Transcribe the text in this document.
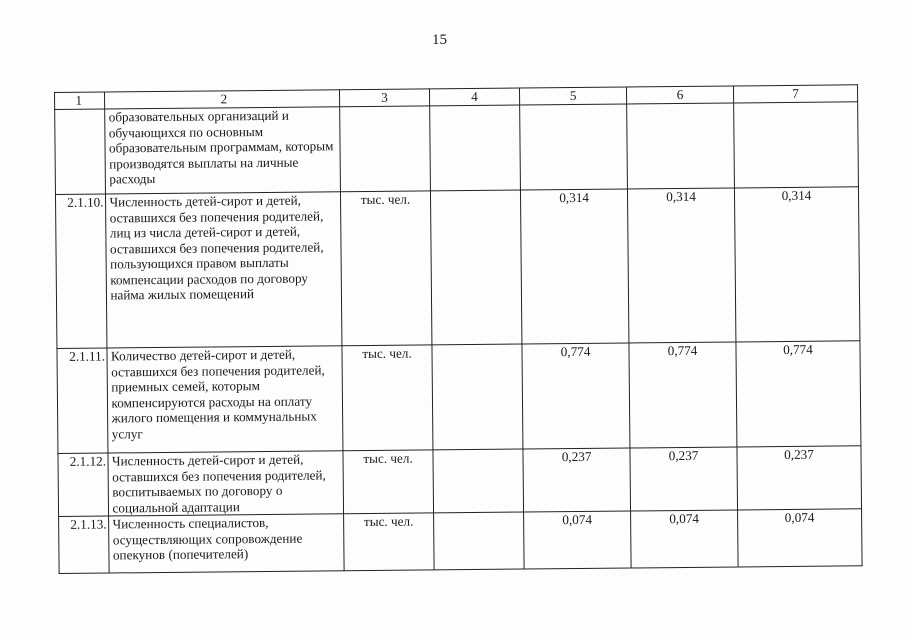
15
1	2	3	4	5	6	7
	образовательных организаций и обучающихся по основным образовательным программам, которым производятся выплаты на личные расходы					
2.1.10.	Численность детей-сирот и детей, оставшихся без попечения родителей, лиц из числа детей-сирот и детей, оставшихся без попечения родителей, пользующихся правом выплаты компенсации расходов по договору найма жилых помещений	тыс. чел.		0,314	0,314	0,314
2.1.11.	Количество детей-сирот и детей, оставшихся без попечения родителей, приемных семей, которым компенсируются расходы на оплату жилого помещения и коммунальных услуг	тыс. чел.		0,774	0,774	0,774
2.1.12.	Численность детей-сирот и детей, оставшихся без попечения родителей, воспитываемых по договору о социальной адаптации	тыс. чел.		0,237	0,237	0,237
2.1.13.	Численность специалистов, осуществляющих сопровождение опекунов (попечителей)	тыс. чел.		0,074	0,074	0,074
